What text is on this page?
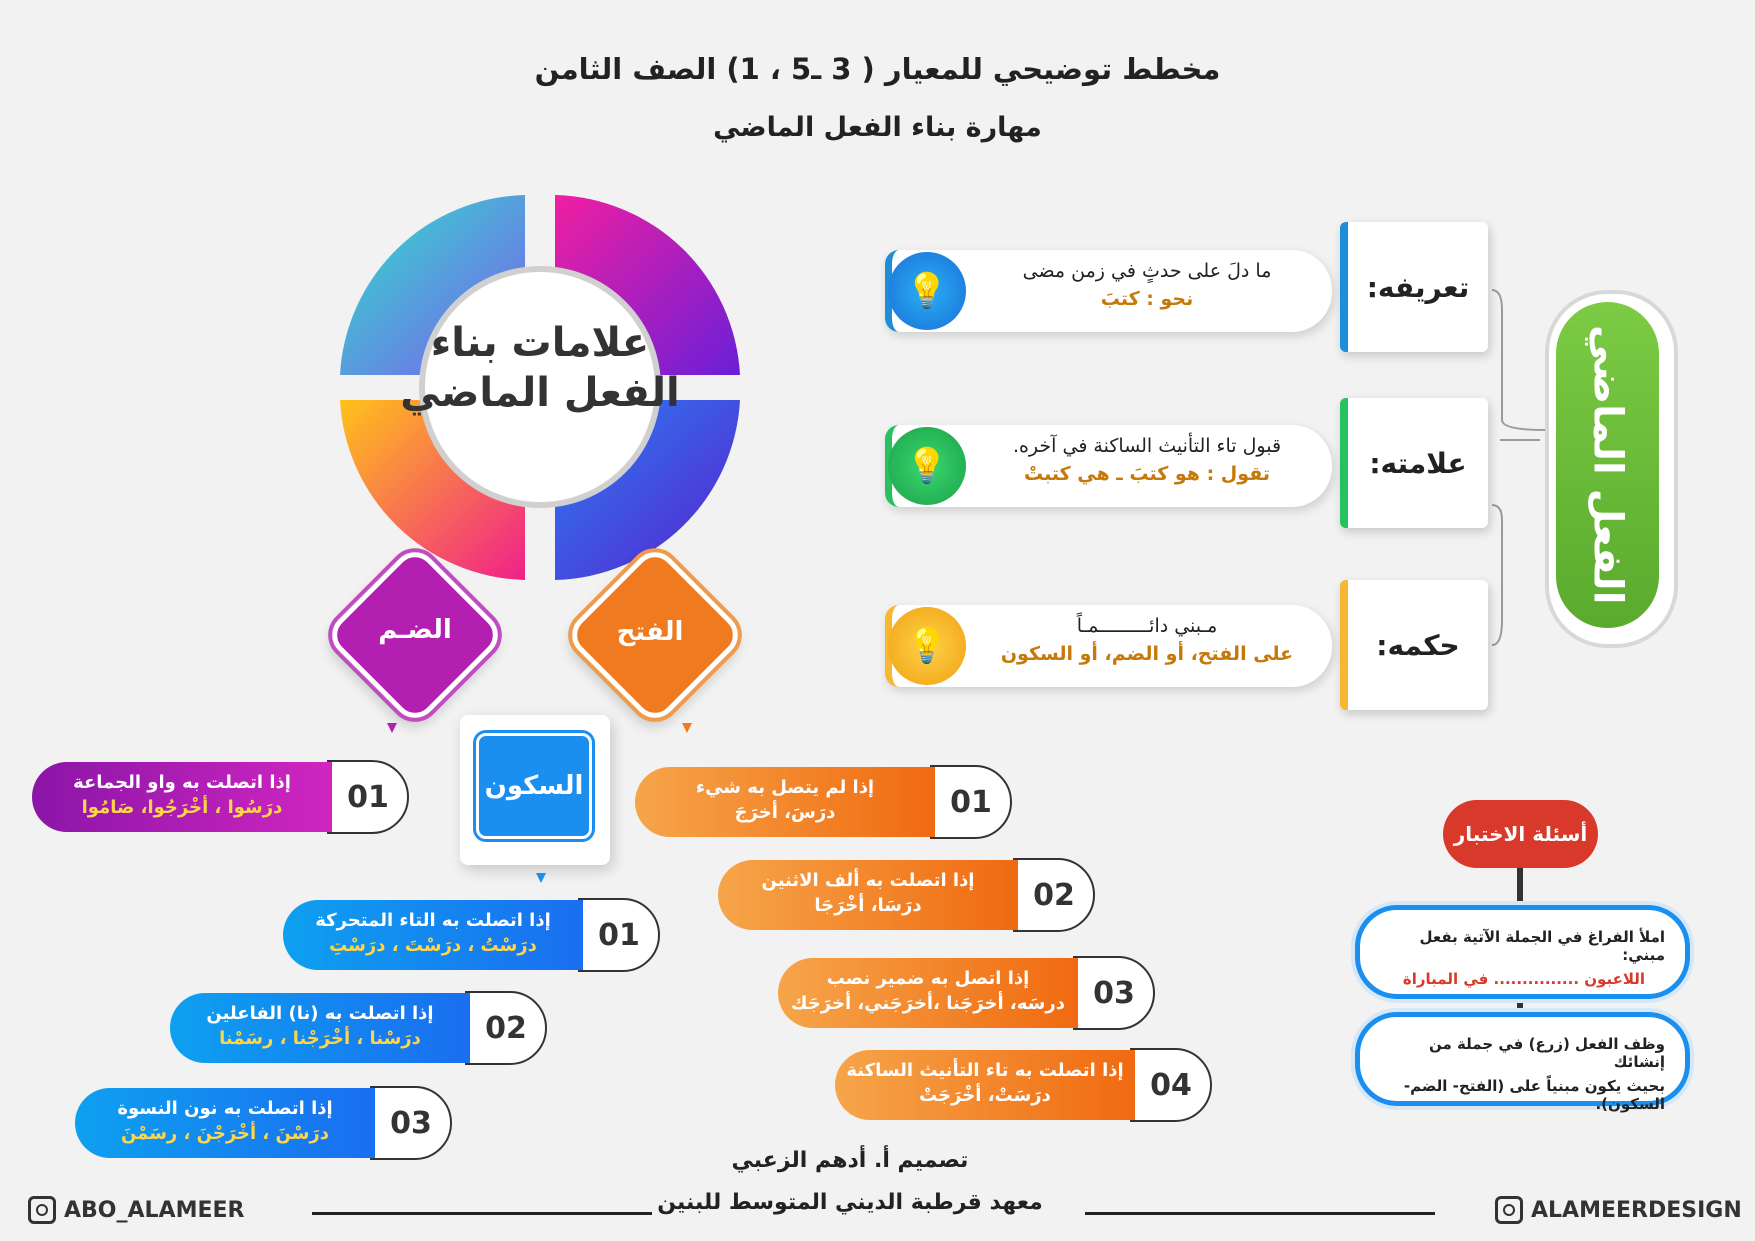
مخطط توضيحي للمعيار ( 3 ـ5 ، 1) الصف الثامن
مهارة بناء الفعل الماضي
علامات بناء
الفعل الماضي
الضـم	الفتح
السكون
01
إذا اتصلت به واو الجماعة
درَسُوا ، أخْرَجُوا، صَامُوا	01
إذا لم يتصل به شيء
درَسَ، أخرَجَ
02
إذا اتصلت به ألف الاثنين
درَسَا، أخْرَجَا
03
إذا اتصل به ضمير نصب
درسَه، أخرَجَنا ،أخرَجَني، أخرَجَك
04
إذا اتصلت به تاء التأنيث الساكنة
درَسَتْ، أخْرَجَتْ
01
إذا اتصلت به التاء المتحركة
درَسْتُ ، درَسْتَ ، درَسْتِ
02
إذا اتصلت به (نا) الفاعلين
درَسْنا ، أخْرَجْنا ، رسَمْنا
03
إذا اتصلت به نون النسوة
درَسْنَ ، أخْرَجْنَ ، رسَمْنَ
الفعل الماضي
تعريفه:
ما دلَ على حدثٍ في زمن مضى
نحو : كتبَ
💡
علامته:
قبول تاء التأنيث الساكنة في آخره.
تقول : هو كتبَ ـ هي كتبتْ
💡
حكمه:
مـبني دائـــــــــمـاً
على الفتح، أو الضم، أو السكون
💡
أسئلة الاختبار
املأ الفراغ في الجملة الآتية بفعل مبني:
اللاعبون ............... في المباراة
وظف الفعل (زرع) في جملة من إنشائك
بحيث يكون مبنياً على (الفتح- الضم- السكون).
تصميم أ. أدهم الزعبي
معهد قرطبة الديني المتوسط للبنين
ABO_ALAMEER	ALAMEERDESIGN
